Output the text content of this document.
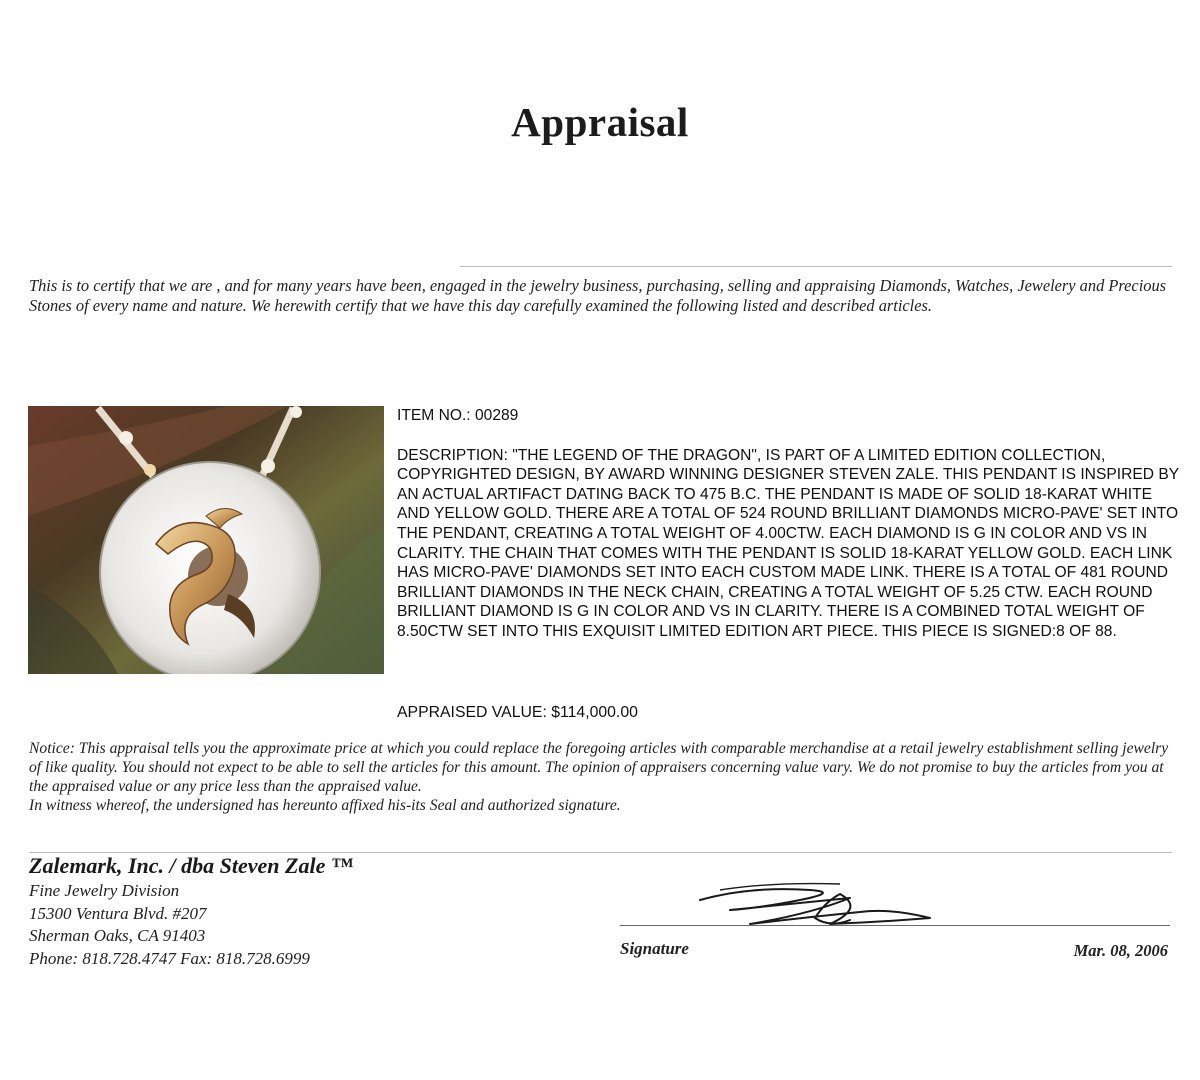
Appraisal
This is to certify that we are , and for many years have been, engaged in the jewelry business, purchasing, selling and appraising Diamonds, Watches, Jewelery and Precious Stones of every name and nature. We herewith certify that we have this day carefully examined the following listed and described articles.

ITEM NO.: 00289

DESCRIPTION: "THE LEGEND OF THE DRAGON", IS PART OF A LIMITED EDITION COLLECTION, COPYRIGHTED DESIGN, BY AWARD WINNING DESIGNER STEVEN ZALE. THIS PENDANT IS INSPIRED BY AN ACTUAL ARTIFACT DATING BACK TO 475 B.C. THE PENDANT IS MADE OF SOLID 18-KARAT WHITE AND YELLOW GOLD. THERE ARE A TOTAL OF 524 ROUND BRILLIANT DIAMONDS MICRO-PAVE' SET INTO THE PENDANT, CREATING A TOTAL WEIGHT OF 4.00CTW. EACH DIAMOND IS G IN COLOR AND VS IN CLARITY. THE CHAIN THAT COMES WITH THE PENDANT IS SOLID 18-KARAT YELLOW GOLD. EACH LINK HAS MICRO-PAVE' DIAMONDS SET INTO EACH CUSTOM MADE LINK. THERE IS A TOTAL OF 481 ROUND BRILLIANT DIAMONDS IN THE NECK CHAIN, CREATING A TOTAL WEIGHT OF 5.25 CTW. EACH ROUND BRILLIANT DIAMOND IS G IN COLOR AND VS IN CLARITY. THERE IS A COMBINED TOTAL WEIGHT OF 8.50CTW SET INTO THIS EXQUISIT LIMITED EDITION ART PIECE. THIS PIECE IS SIGNED:8 OF 88.

APPRAISED VALUE: $114,000.00

Notice: This appraisal tells you the approximate price at which you could replace the foregoing articles with comparable merchandise at a retail jewelry establishment selling jewelry of like quality. You should not expect to be able to sell the articles for this amount. The opinion of appraisers concerning value vary. We do not promise to buy the articles from you at the appraised value or any price less than the appraised value.

In witness whereof, the undersigned has hereunto affixed his-its Seal and authorized signature.

Zalemark, Inc. / dba Steven Zale ™
Fine Jewelry Division
15300 Ventura Blvd. #207
Sherman Oaks, CA 91403
Phone: 818.728.4747 Fax: 818.728.6999	Signature	Mar. 08, 2006
